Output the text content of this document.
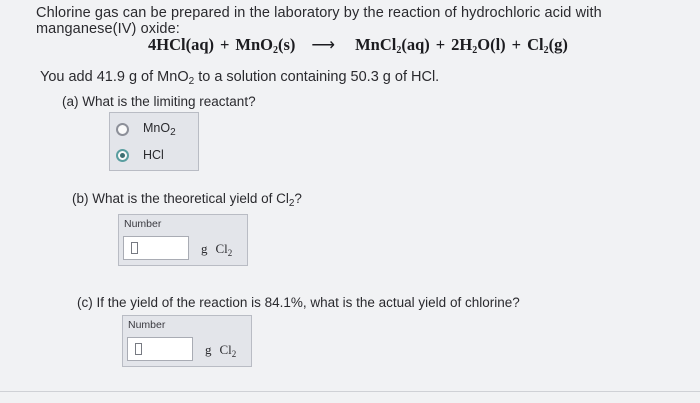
Chlorine gas can be prepared in the laboratory by the reaction of hydrochloric acid with manganese(IV) oxide:
4HCl(aq) + MnO$_2$(s) ⟶ MnCl$_2$(aq) + $2H_2O(l) + Cl_2(g)$
You add 41.9 g of MnO$_2$ to a solution containing 50.3 g of HCl.
(a) What is the limiting reactant?
MnO$_2$
HCl
(b) What is the theoretical yield of $Cl_2$?
Number
g $Cl_2$
(c) If the yield of the reaction is 84.1%, what is the actual yield of chlorine?
Number
g $Cl_2$
